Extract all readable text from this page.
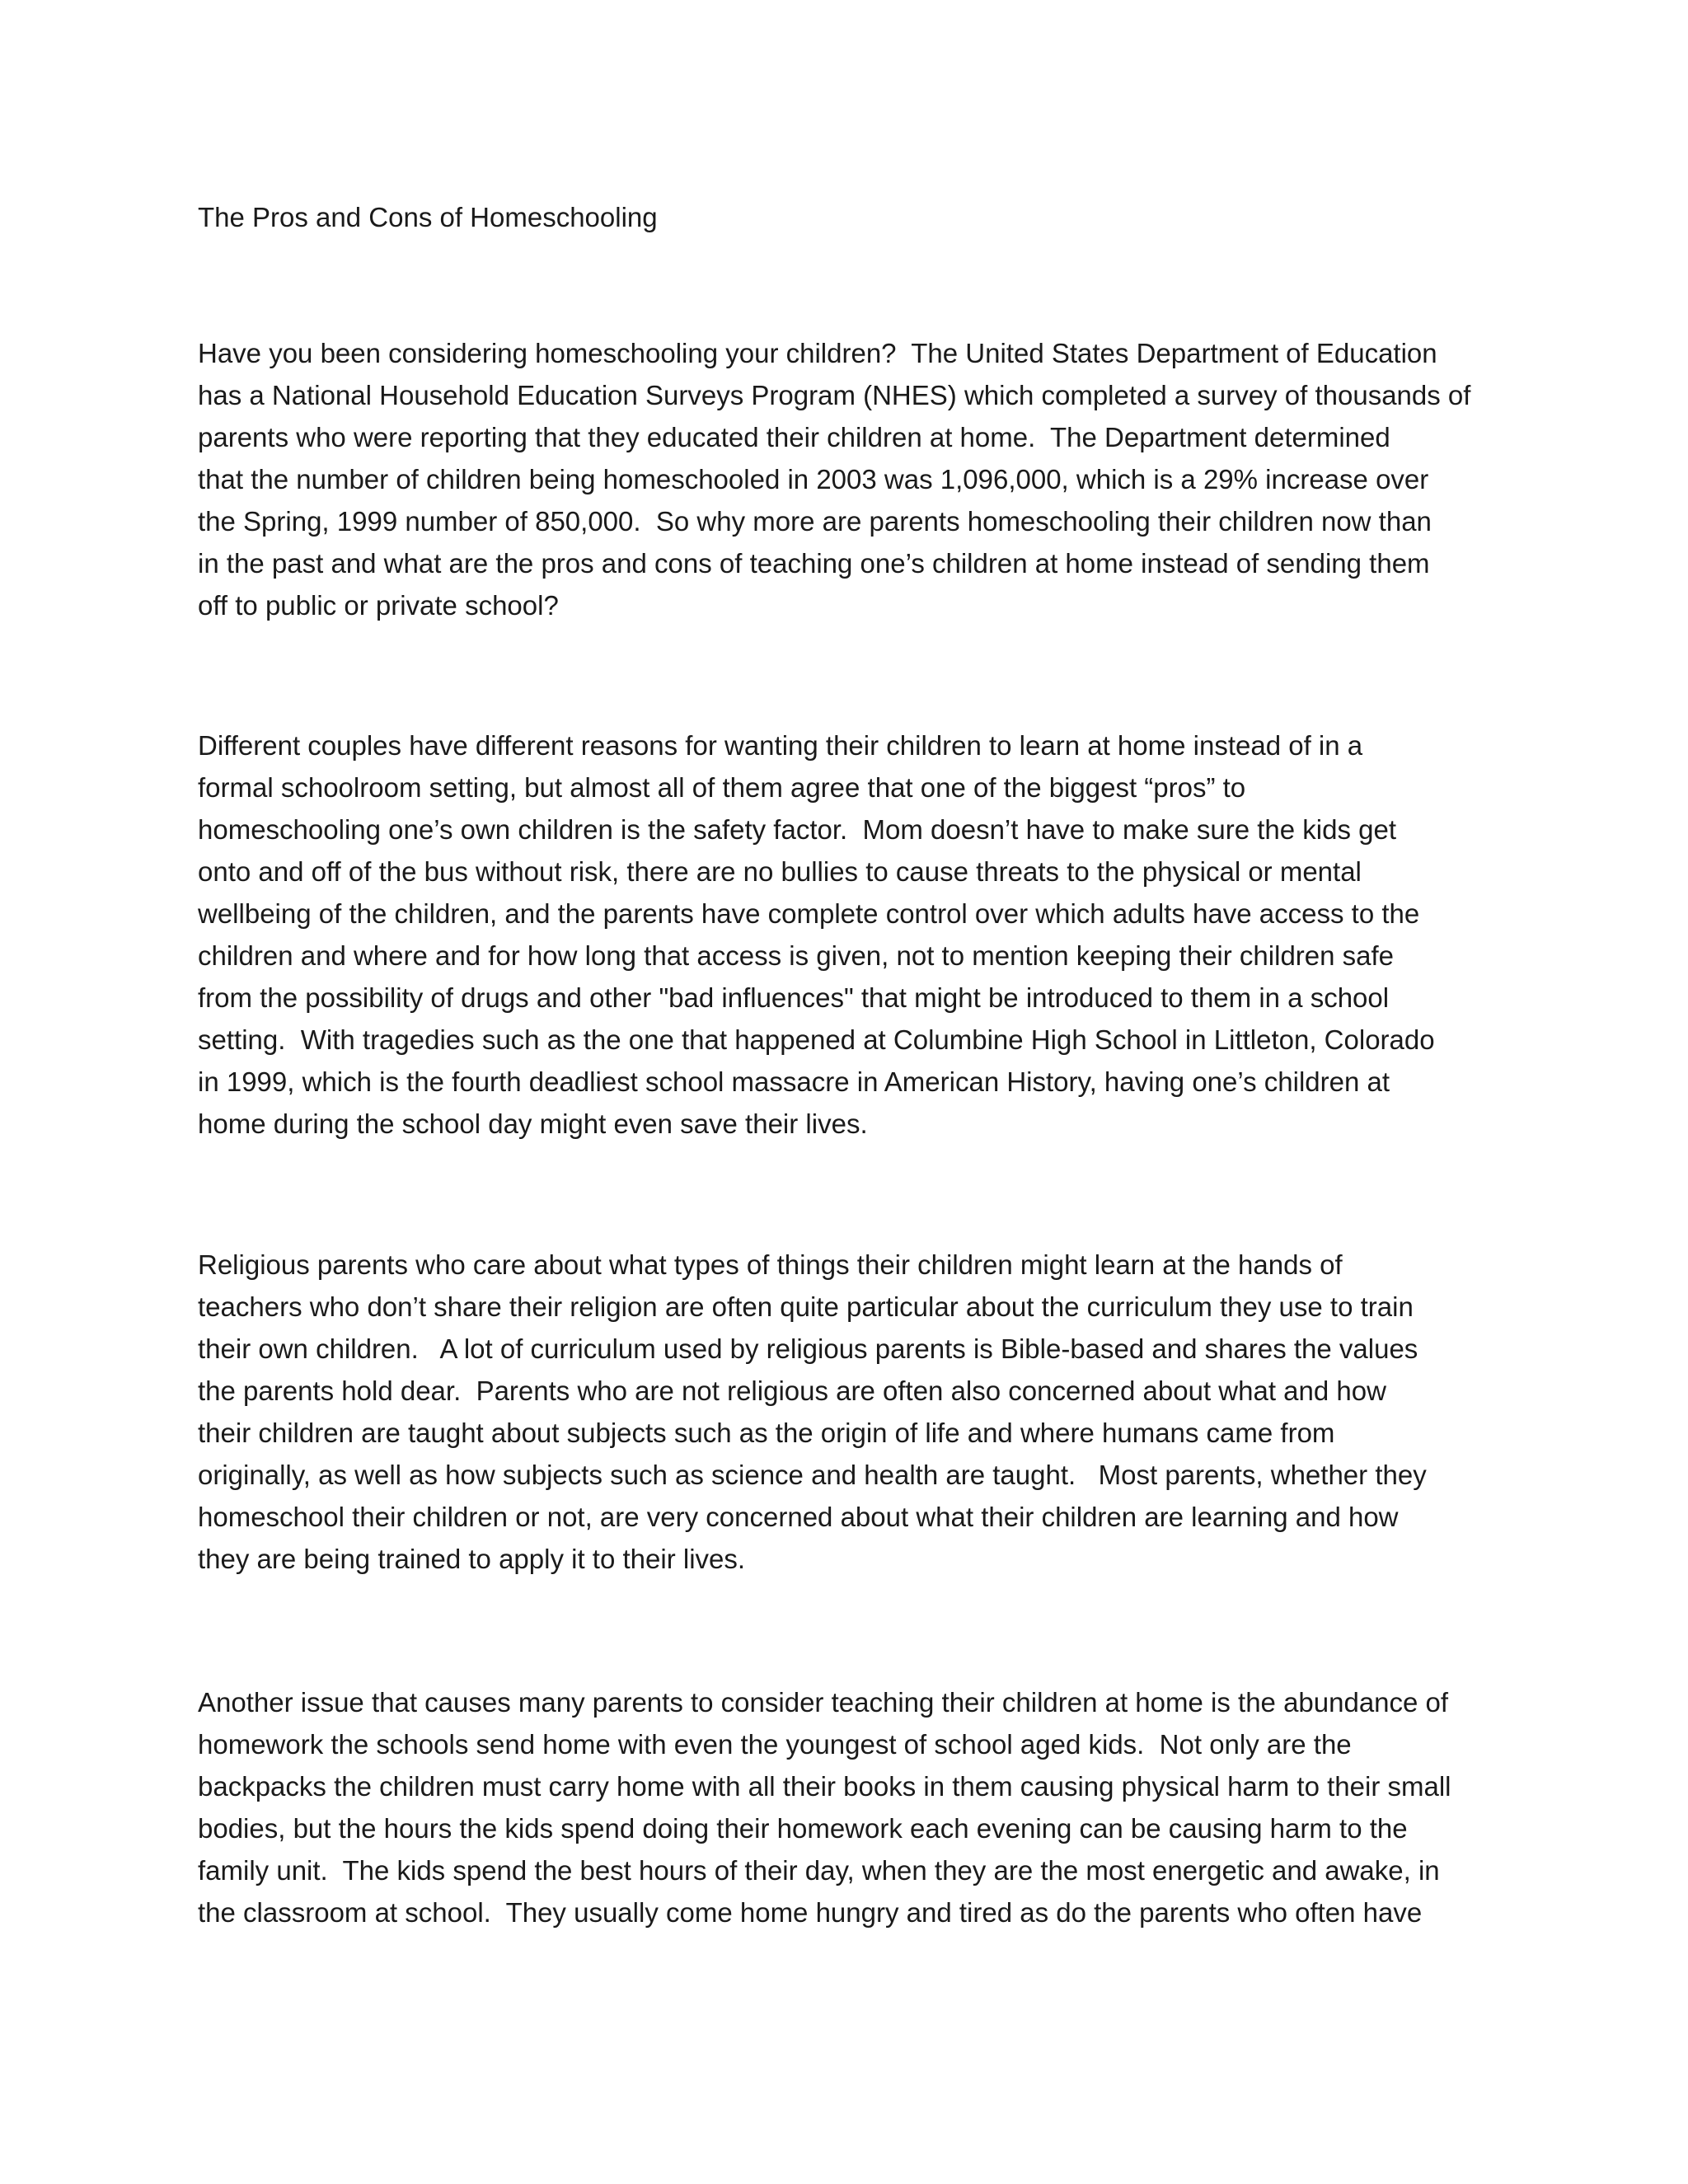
The Pros and Cons of Homeschooling

Have you been considering homeschooling your children?  The United States Department of Education
has a National Household Education Surveys Program (NHES) which completed a survey of thousands of
parents who were reporting that they educated their children at home.  The Department determined
that the number of children being homeschooled in 2003 was 1,096,000, which is a 29% increase over
the Spring, 1999 number of 850,000.  So why more are parents homeschooling their children now than
in the past and what are the pros and cons of teaching one’s children at home instead of sending them
off to public or private school?

Different couples have different reasons for wanting their children to learn at home instead of in a
formal schoolroom setting, but almost all of them agree that one of the biggest “pros” to
homeschooling one’s own children is the safety factor.  Mom doesn’t have to make sure the kids get
onto and off of the bus without risk, there are no bullies to cause threats to the physical or mental
wellbeing of the children, and the parents have complete control over which adults have access to the
children and where and for how long that access is given, not to mention keeping their children safe
from the possibility of drugs and other "bad influences" that might be introduced to them in a school
setting.  With tragedies such as the one that happened at Columbine High School in Littleton, Colorado
in 1999, which is the fourth deadliest school massacre in American History, having one’s children at
home during the school day might even save their lives.

Religious parents who care about what types of things their children might learn at the hands of
teachers who don’t share their religion are often quite particular about the curriculum they use to train
their own children.   A lot of curriculum used by religious parents is Bible-based and shares the values
the parents hold dear.  Parents who are not religious are often also concerned about what and how
their children are taught about subjects such as the origin of life and where humans came from
originally, as well as how subjects such as science and health are taught.   Most parents, whether they
homeschool their children or not, are very concerned about what their children are learning and how
they are being trained to apply it to their lives.

Another issue that causes many parents to consider teaching their children at home is the abundance of
homework the schools send home with even the youngest of school aged kids.  Not only are the
backpacks the children must carry home with all their books in them causing physical harm to their small
bodies, but the hours the kids spend doing their homework each evening can be causing harm to the
family unit.  The kids spend the best hours of their day, when they are the most energetic and awake, in
the classroom at school.  They usually come home hungry and tired as do the parents who often have
